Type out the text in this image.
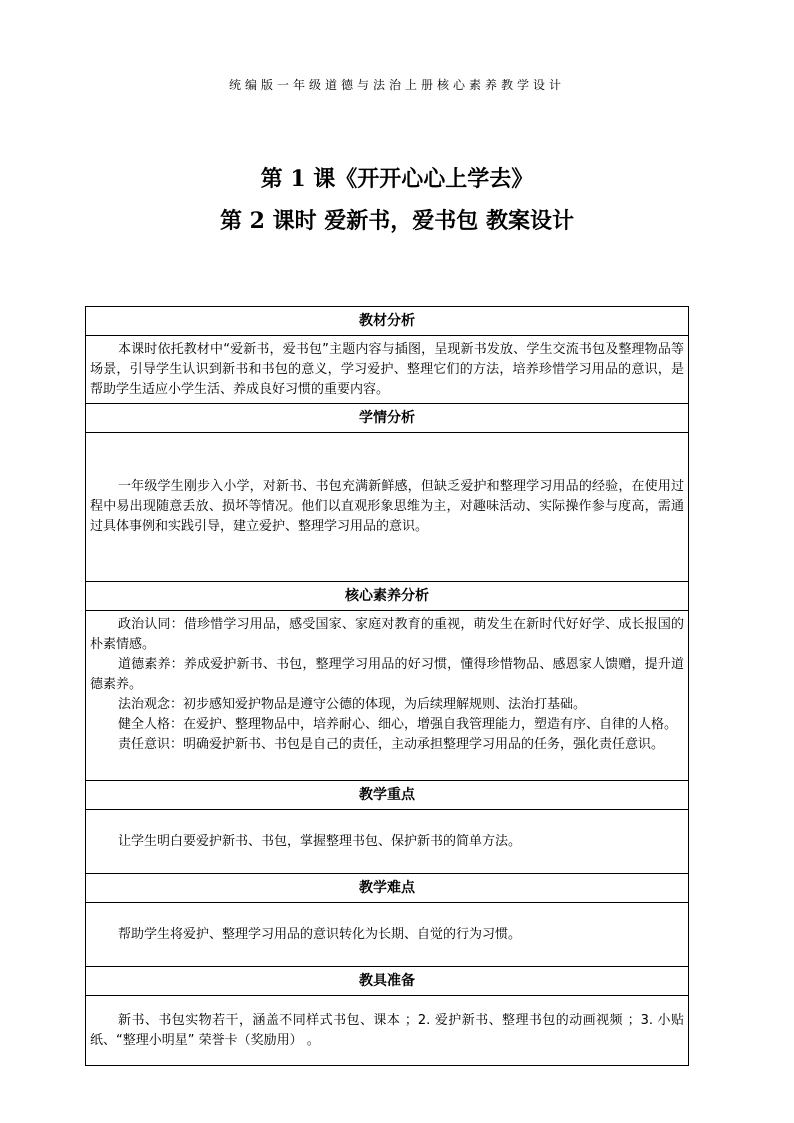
统编版一年级道德与法治上册核心素养教学设计
第 1 课《开开心心上学去》
第 2 课时 爱新书，爱书包 教案设计
教材分析

本课时依托教材中“爱新书，爱书包”主题内容与插图，呈现新书发放、学生交流书包及整理物品等场景，引导学生认识到新书和书包的意义，学习爱护、整理它们的方法，培养珍惜学习用品的意识，是帮助学生适应小学生活、养成良好习惯的重要内容。

学情分析

一年级学生刚步入小学，对新书、书包充满新鲜感，但缺乏爱护和整理学习用品的经验，在使用过程中易出现随意丢放、损坏等情况。他们以直观形象思维为主，对趣味活动、实际操作参与度高，需通过具体事例和实践引导，建立爱护、整理学习用品的意识。

核心素养分析

政治认同：借珍惜学习用品，感受国家、家庭对教育的重视，萌发生在新时代好好学、成长报国的朴素情感。

道德素养：养成爱护新书、书包，整理学习用品的好习惯，懂得珍惜物品、感恩家人馈赠，提升道德素养。

法治观念：初步感知爱护物品是遵守公德的体现，为后续理解规则、法治打基础。

健全人格：在爱护、整理物品中，培养耐心、细心，增强自我管理能力，塑造有序、自律的人格。

责任意识：明确爱护新书、书包是自己的责任，主动承担整理学习用品的任务，强化责任意识。

教学重点

让学生明白要爱护新书、书包，掌握整理书包、保护新书的简单方法。

教学难点

帮助学生将爱护、整理学习用品的意识转化为长期、自觉的行为习惯。

教具准备

新书、书包实物若干，涵盖不同样式书包、课本 ；2. 爱护新书、整理书包的动画视频 ；3. 小贴纸、“整理小明星” 荣誉卡（奖励用） 。
